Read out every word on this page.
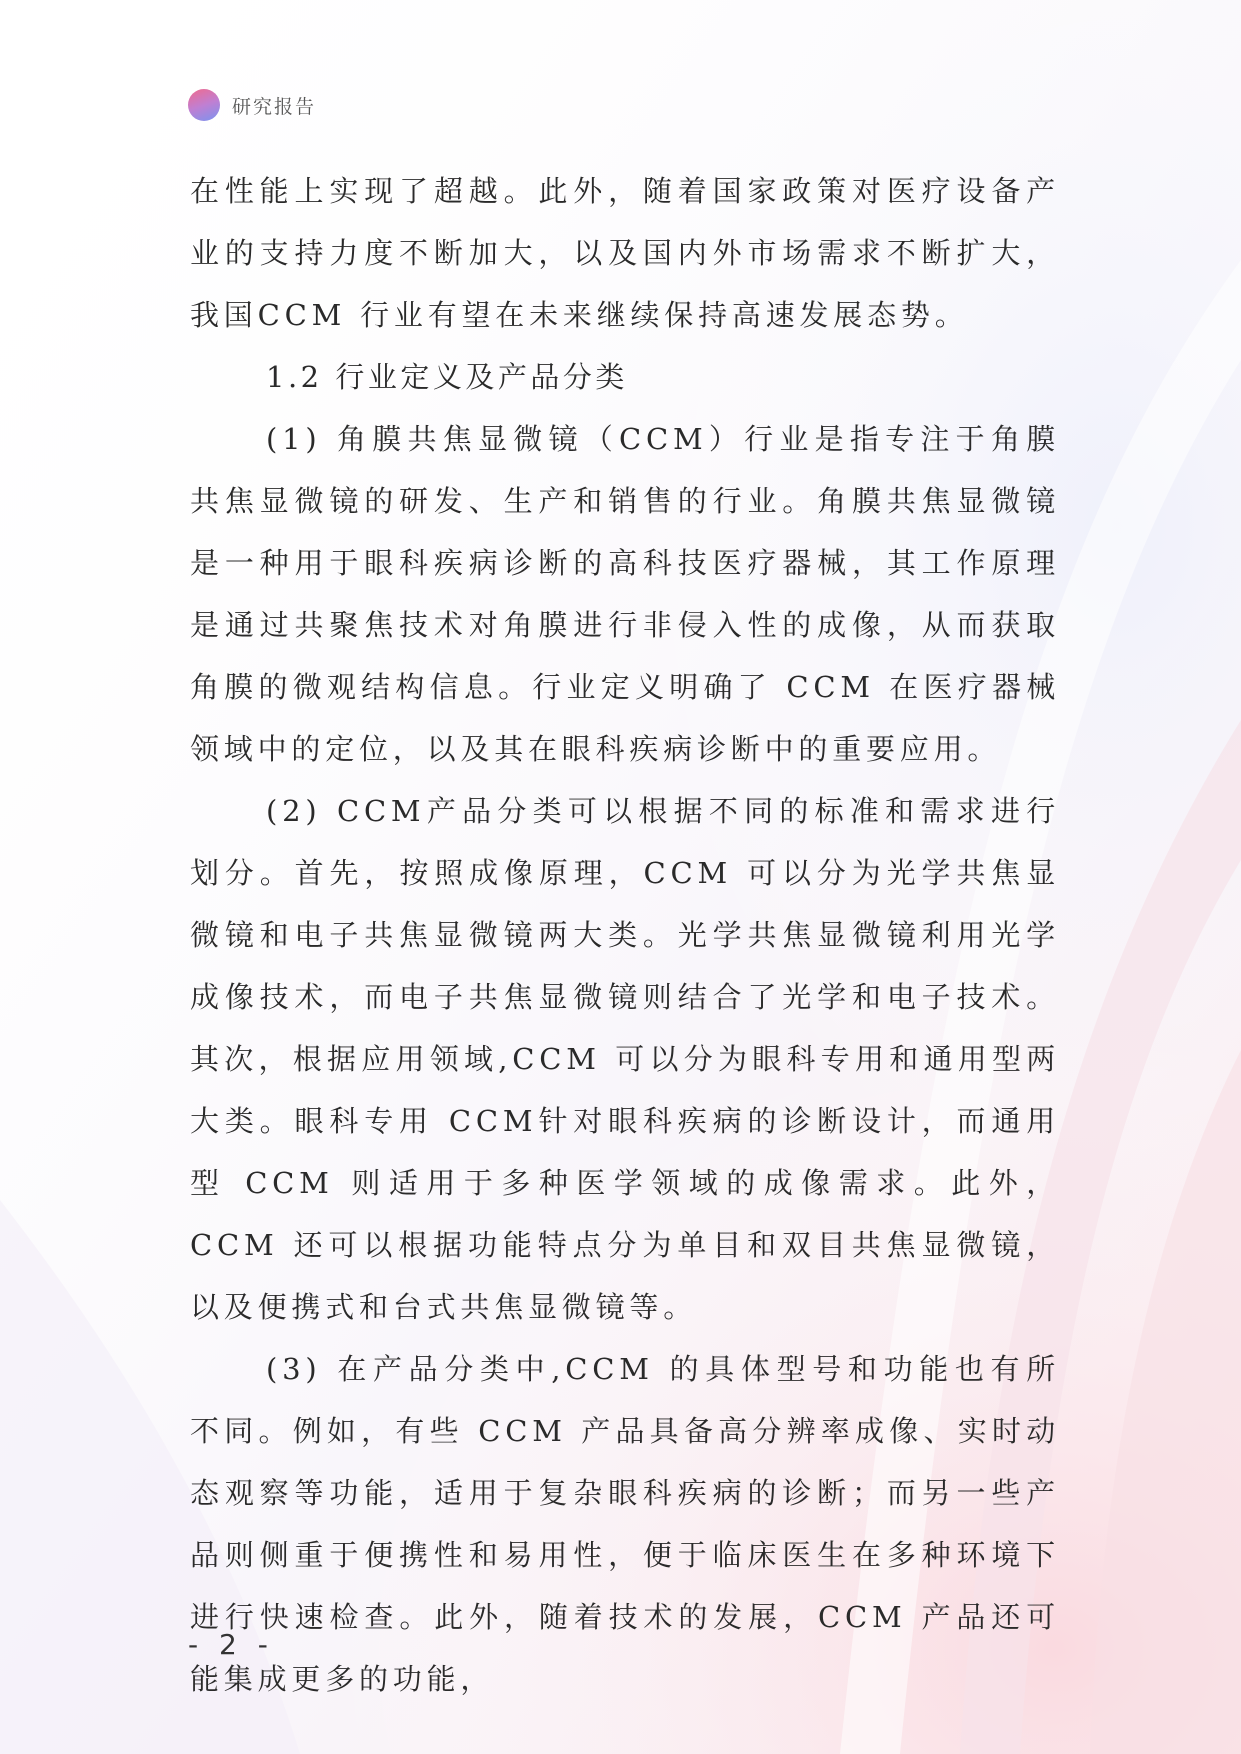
研究报告

在性能上实现了超越。此外，随着国家政策对医疗设备产业的支持力度不断加大，以及国内外市场需求不断扩大，我国CCM 行业有望在未来继续保持高速发展态势。

1.2 行业定义及产品分类

(1) 角膜共焦显微镜（CCM）行业是指专注于角膜共焦显微镜的研发、生产和销售的行业。角膜共焦显微镜是一种用于眼科疾病诊断的高科技医疗器械，其工作原理是通过共聚焦技术对角膜进行非侵入性的成像，从而获取角膜的微观结构信息。行业定义明确了 CCM 在医疗器械领域中的定位，以及其在眼科疾病诊断中的重要应用。

(2) CCM产品分类可以根据不同的标准和需求进行划分。首先，按照成像原理，CCM 可以分为光学共焦显微镜和电子共焦显微镜两大类。光学共焦显微镜利用光学成像技术，而电子共焦显微镜则结合了光学和电子技术。其次，根据应用领域,CCM 可以分为眼科专用和通用型两大类。眼科专用 CCM针对眼科疾病的诊断设计，而通用型 CCM 则适用于多种医学领域的成像需求。此外，CCM 还可以根据功能特点分为单目和双目共焦显微镜，以及便携式和台式共焦显微镜等。

(3) 在产品分类中,CCM 的具体型号和功能也有所不同。例如，有些 CCM 产品具备高分辨率成像、实时动态观察等功能，适用于复杂眼科疾病的诊断；而另一些产品则侧重于便携性和易用性，便于临床医生在多种环境下进行快速检查。此外，随着技术的发展，CCM 产品还可能集成更多的功能，

- 2 -
